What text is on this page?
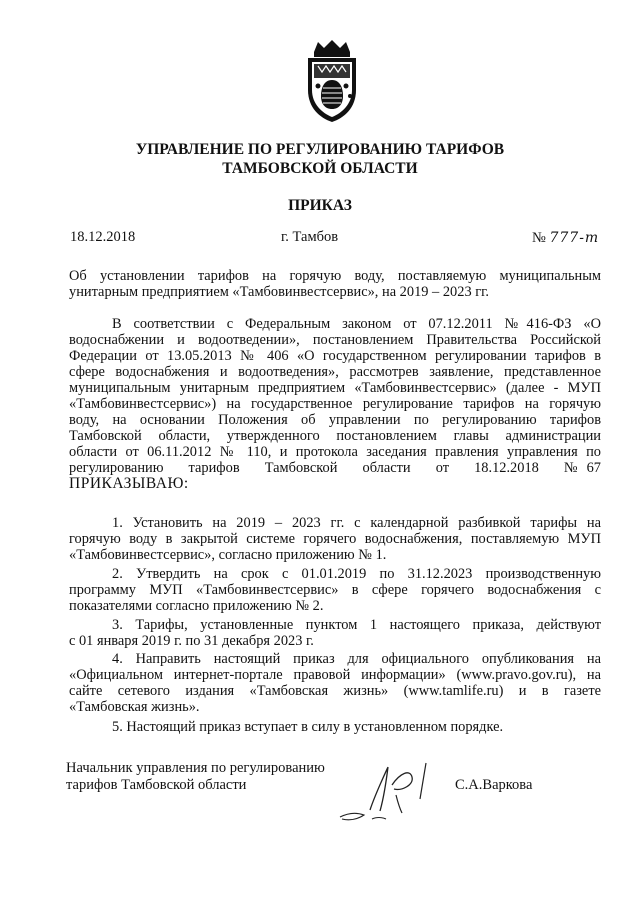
УПРАВЛЕНИЕ ПО РЕГУЛИРОВАНИЮ ТАРИФОВ
ТАМБОВСКОЙ ОБЛАСТИ
ПРИКАЗ
18.12.2018	г. Тамбов	№ 777-т
Об установлении тарифов на горячую воду, поставляемую муниципальным
унитарным предприятием «Тамбовинвестсервис», на 2019 – 2023 гг.
В соответствии с Федеральным законом от 07.12.2011 №416-ФЗ «О
водоснабжении и водоотведении», постановлением Правительства Российской
Федерации от 13.05.2013 № 406 «О государственном регулировании тарифов в
сфере водоснабжения и водоотведения», рассмотрев заявление, представленное
муниципальным унитарным предприятием «Тамбовинвестсервис» (далее - МУП
«Тамбовинвестсервис») на государственное регулирование тарифов на горячую
воду, на основании Положения об управлении по регулированию тарифов
Тамбовской области, утвержденного постановлением главы администрации
области от 06.11.2012 № 110, и протокола заседания правления управления по
регулированию    тарифов    Тамбовской    области    от    18.12.2018    № 67
ПРИКАЗЫВАЮ:
1. Установить на 2019 – 2023 гг. с календарной разбивкой тарифы на
горячую воду в закрытой системе горячего водоснабжения, поставляемую МУП
«Тамбовинвестсервис», согласно приложению № 1.
2. Утвердить на срок с 01.01.2019 по 31.12.2023 производственную
программу МУП «Тамбовинвестсервис» в сфере горячего водоснабжения с
показателями согласно приложению № 2.
3. Тарифы, установленные пунктом 1 настоящего приказа, действуют
с 01 января 2019 г. по 31 декабря 2023 г.
4. Направить настоящий приказ для официального опубликования на
«Официальном интернет-портале правовой информации» (www.pravo.gov.ru), на
сайте сетевого издания «Тамбовская жизнь» (www.tamlife.ru) и в газете
«Тамбовская жизнь».
5. Настоящий приказ вступает в силу в установленном порядке.
Начальник управления по регулированию
тарифов Тамбовской области	С.А.Варкова
